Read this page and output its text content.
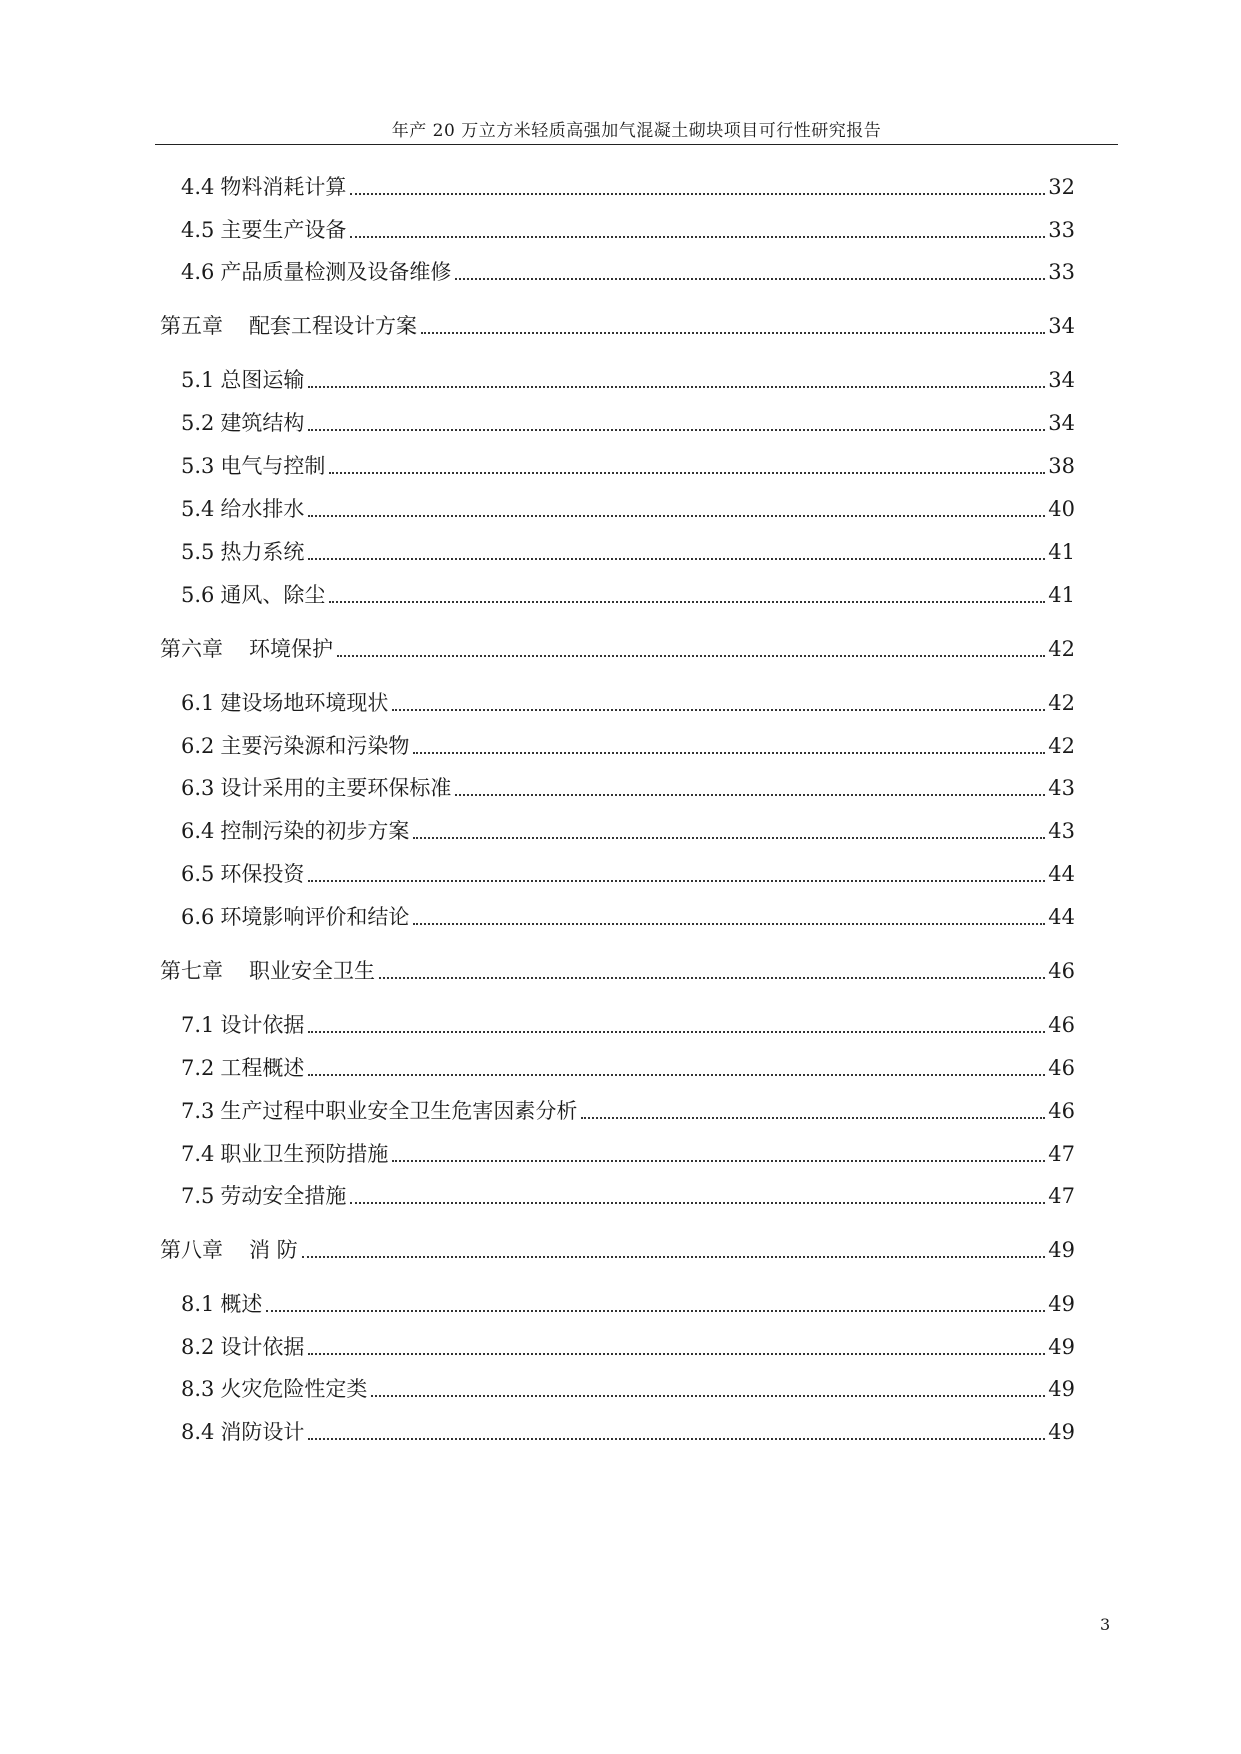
年产 20 万立方米轻质高强加气混凝土砌块项目可行性研究报告
4.4 物料消耗计算	32
4.5 主要生产设备	33
4.6 产品质量检测及设备维修	33
第五章 配套工程设计方案	34
5.1 总图运输	34
5.2 建筑结构	34
5.3 电气与控制	38
5.4 给水排水	40
5.5 热力系统	41
5.6 通风、除尘	41
第六章 环境保护	42
6.1 建设场地环境现状	42
6.2 主要污染源和污染物	42
6.3 设计采用的主要环保标准	43
6.4 控制污染的初步方案	43
6.5 环保投资	44
6.6 环境影响评价和结论	44
第七章 职业安全卫生	46
7.1 设计依据	46
7.2 工程概述	46
7.3 生产过程中职业安全卫生危害因素分析	46
7.4 职业卫生预防措施	47
7.5 劳动安全措施	47
第八章 消 防	49
8.1 概述	49
8.2 设计依据	49
8.3 火灾危险性定类	49
8.4 消防设计	49
3
